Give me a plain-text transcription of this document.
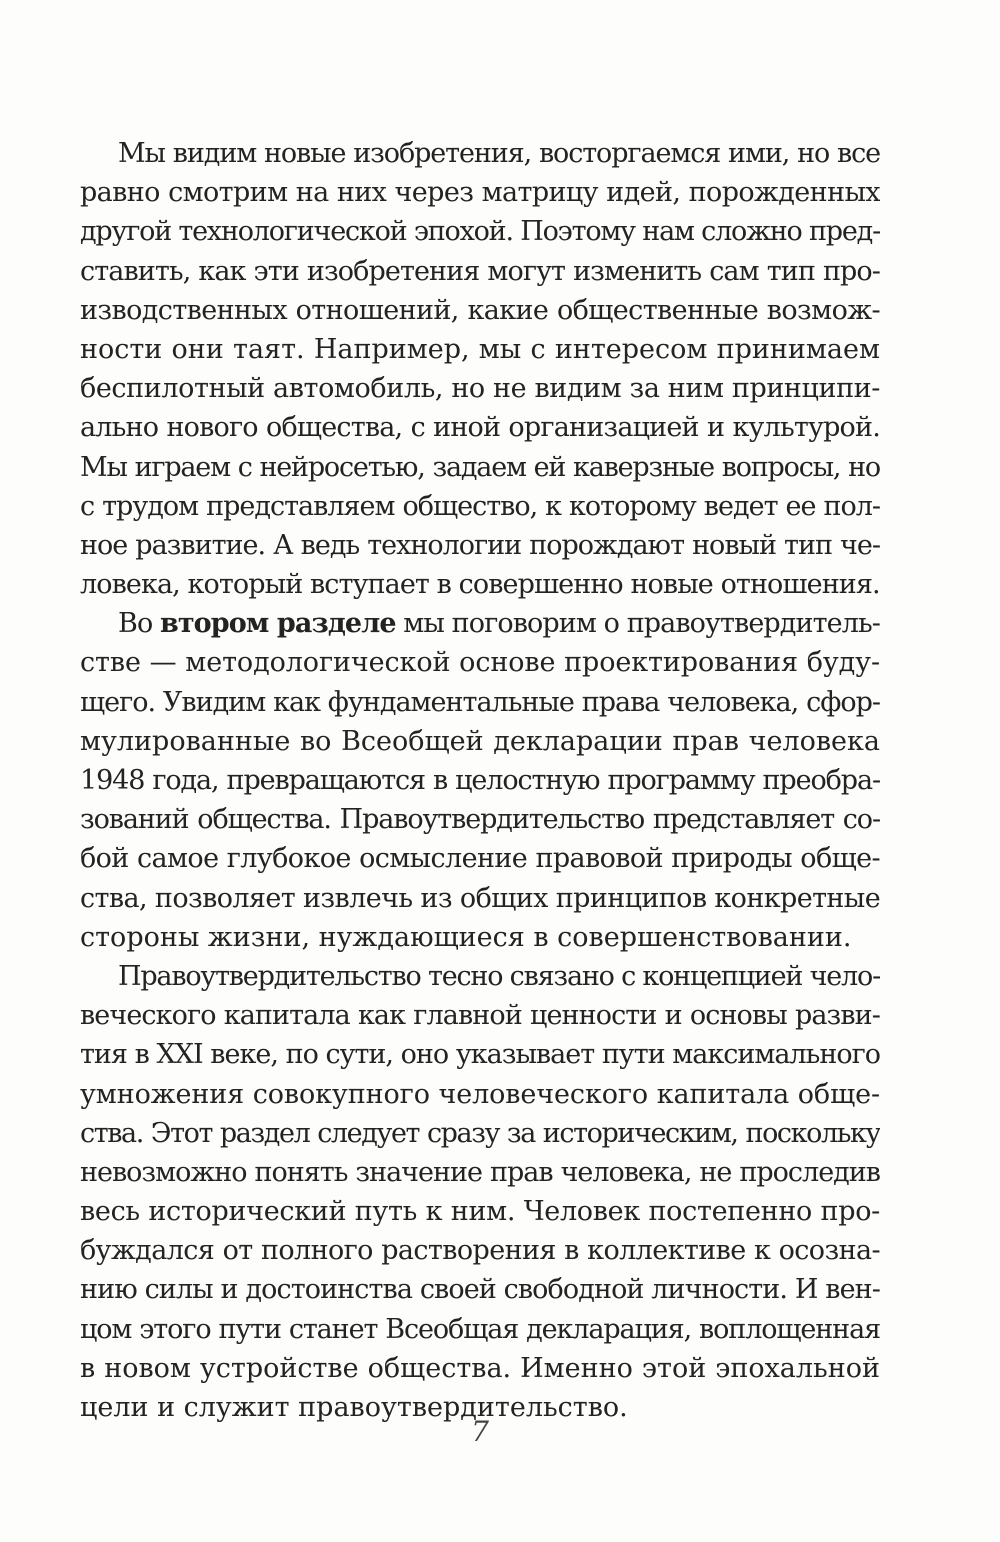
Мы видим новые изобретения, восторгаемся ими, но все
равно смотрим на них через матрицу идей, порожденных
другой технологической эпохой. Поэтому нам сложно пред-
ставить, как эти изобретения могут изменить сам тип про-
изводственных отношений, какие общественные возмож-
ности они таят. Например, мы с интересом принимаем
беспилотный автомобиль, но не видим за ним принципи-
ально нового общества, с иной организацией и культурой.
Мы играем с нейросетью, задаем ей каверзные вопросы, но
с трудом представляем общество, к которому ведет ее пол-
ное развитие. А ведь технологии порождают новый тип че-
ловека, который вступает в совершенно новые отношения.
Во втором разделе мы поговорим о правоутвердитель-
стве — методологической основе проектирования буду-
щего. Увидим как фундаментальные права человека, сфор-
мулированные во Всеобщей декларации прав человека
1948 года, превращаются в целостную программу преобра-
зований общества. Правоутвердительство представляет со-
бой самое глубокое осмысление правовой природы обще-
ства, позволяет извлечь из общих принципов конкретные
стороны жизни, нуждающиеся в совершенствовании.
Правоутвердительство тесно связано с концепцией чело-
веческого капитала как главной ценности и основы разви-
тия в XXI веке, по сути, оно указывает пути максимального
умножения совокупного человеческого капитала обще-
ства. Этот раздел следует сразу за историческим, поскольку
невозможно понять значение прав человека, не проследив
весь исторический путь к ним. Человек постепенно про-
буждался от полного растворения в коллективе к осозна-
нию силы и достоинства своей свободной личности. И вен-
цом этого пути станет Всеобщая декларация, воплощенная
в новом устройстве общества. Именно этой эпохальной
цели и служит правоутвердительство.
7
